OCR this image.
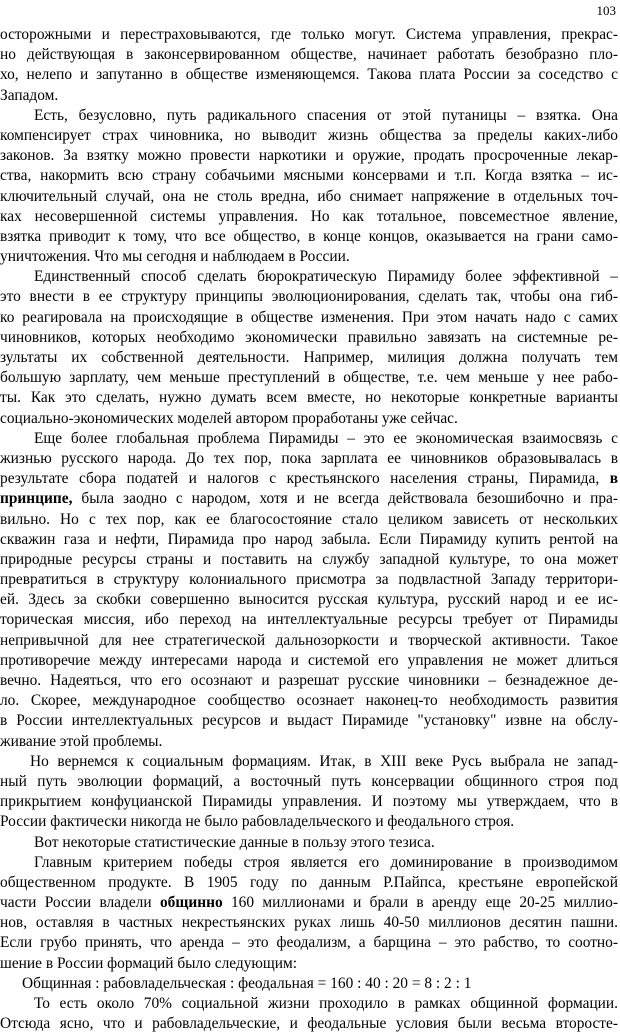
103
осторожными и перестраховываются, где только могут. Система управления, прекрас-
но действующая в законсервированном обществе, начинает работать безобразно пло-
хо, нелепо и запутанно в обществе изменяющемся. Такова плата России за соседство с
Западом.
Есть, безусловно, путь радикального спасения от этой путаницы – взятка. Она
компенсирует страх чиновника, но выводит жизнь общества за пределы каких-либо
законов. За взятку можно провести наркотики и оружие, продать просроченные лекар-
ства, накормить всю страну собачьими мясными консервами и т.п. Когда взятка – ис-
ключительный случай, она не столь вредна, ибо снимает напряжение в отдельных точ-
ках несовершенной системы управления. Но как тотальное, повсеместное явление,
взятка приводит к тому, что все общество, в конце концов, оказывается на грани само-
уничтожения. Что мы сегодня и наблюдаем в России.
Единственный способ сделать бюрократическую Пирамиду более эффективной –
это внести в ее структуру принципы эволюционирования, сделать так, чтобы она гиб-
ко реагировала на происходящие в обществе изменения. При этом начать надо с самих
чиновников, которых необходимо экономически правильно завязать на системные ре-
зультаты их собственной деятельности. Например, милиция должна получать тем
большую зарплату, чем меньше преступлений в обществе, т.е. чем меньше у нее рабо-
ты. Как это сделать, нужно думать всем вместе, но некоторые конкретные варианты
социально-экономических моделей автором проработаны уже сейчас.
Еще более глобальная проблема Пирамиды – это ее экономическая взаимосвязь с
жизнью русского народа. До тех пор, пока зарплата ее чиновников образовывалась в
результате сбора податей и налогов с крестьянского населения страны, Пирамида, в
принципе, была заодно с народом, хотя и не всегда действовала безошибочно и пра-
вильно. Но с тех пор, как ее благосостояние стало целиком зависеть от нескольких
скважин газа и нефти, Пирамида про народ забыла. Если Пирамиду купить рентой на
природные ресурсы страны и поставить на службу западной культуре, то она может
превратиться в структуру колониального присмотра за подвластной Западу территори-
ей. Здесь за скобки совершенно выносится русская культура, русский народ и ее ис-
торическая миссия, ибо переход на интеллектуальные ресурсы требует от Пирамиды
непривычной для нее стратегической дальнозоркости и творческой активности. Такое
противоречие между интересами народа и системой его управления не может длиться
вечно. Надеяться, что его осознают и разрешат русские чиновники – безнадежное де-
ло. Скорее, международное сообщество осознает наконец-то необходимость развития
в России интеллектуальных ресурсов и выдаст Пирамиде "установку" извне на обслу-
живание этой проблемы.
Но вернемся к социальным формациям. Итак, в XIII веке Русь выбрала не запад-
ный путь эволюции формаций, а восточный путь консервации общинного строя под
прикрытием конфуцианской Пирамиды управления. И поэтому мы утверждаем, что в
России фактически никогда не было рабовладельческого и феодального строя.
Вот некоторые статистические данные в пользу этого тезиса.
Главным критерием победы строя является его доминирование в производимом
общественном продукте. В 1905 году по данным Р.Пайпса, крестьяне европейской
части России владели общинно 160 миллионами и брали в аренду еще 20-25 миллио-
нов, оставляя в частных некрестьянских руках лишь 40-50 миллионов десятин пашни.
Если грубо принять, что аренда – это феодализм, а барщина – это рабство, то соотно-
шение в России формаций было следующим:
Общинная : рабовладельческая : феодальная = 160 : 40 : 20 = 8 : 2 : 1
То есть около 70% социальной жизни проходило в рамках общинной формации.
Отсюда ясно, что и рабовладельческие, и феодальные условия были весьма второсте-
